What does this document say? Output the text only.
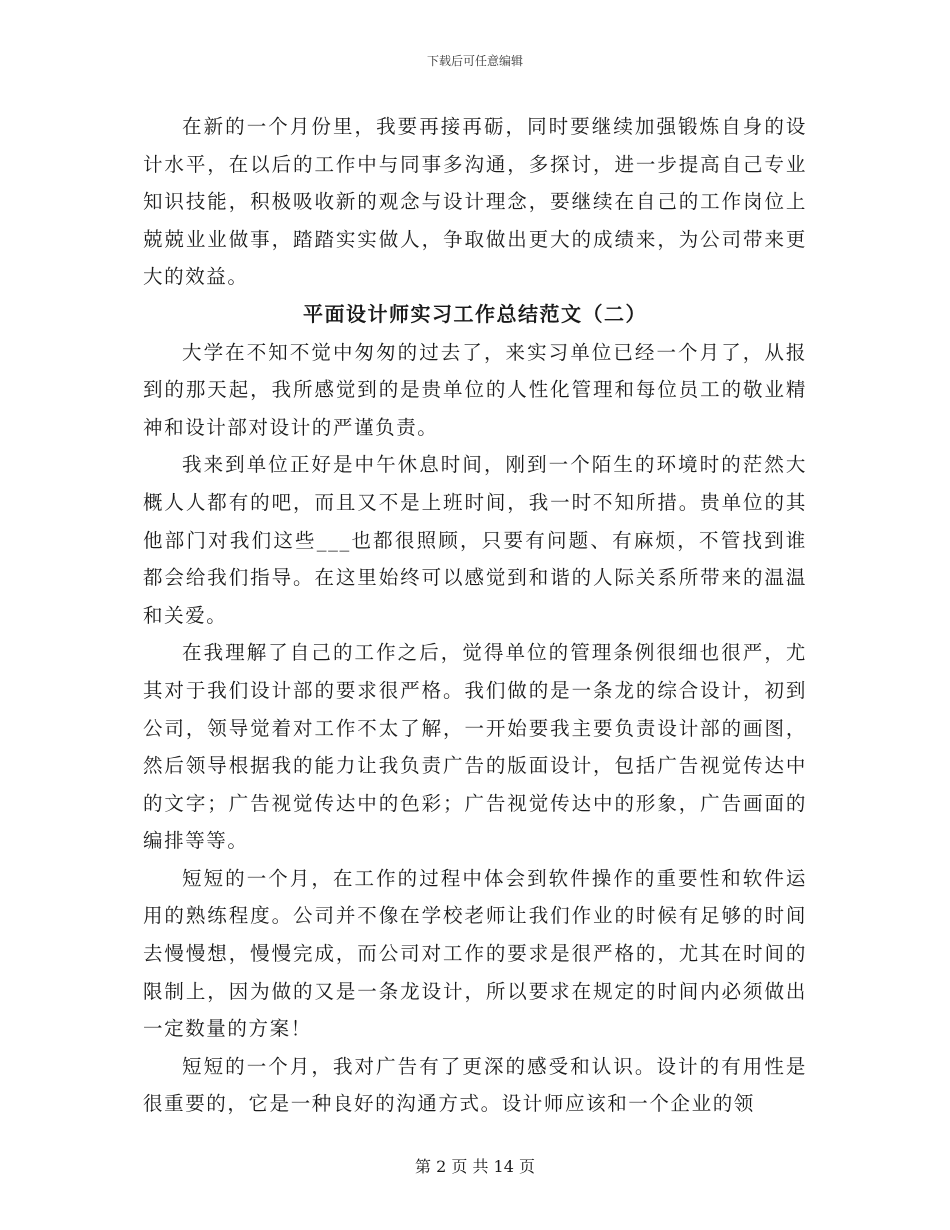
下载后可任意编辑

在新的一个月份里，我要再接再砺，同时要继续加强锻炼自身的设计水平，在以后的工作中与同事多沟通，多探讨，进一步提高自己专业知识技能，积极吸收新的观念与设计理念，要继续在自己的工作岗位上兢兢业业做事，踏踏实实做人，争取做出更大的成绩来，为公司带来更大的效益。

平面设计师实习工作总结范文（二）

大学在不知不觉中匆匆的过去了，来实习单位已经一个月了，从报到的那天起，我所感觉到的是贵单位的人性化管理和每位员工的敬业精神和设计部对设计的严谨负责。

我来到单位正好是中午休息时间，刚到一个陌生的环境时的茫然大概人人都有的吧，而且又不是上班时间，我一时不知所措。贵单位的其他部门对我们这些___也都很照顾，只要有问题、有麻烦，不管找到谁都会给我们指导。在这里始终可以感觉到和谐的人际关系所带来的温温和关爱。

在我理解了自己的工作之后，觉得单位的管理条例很细也很严，尤其对于我们设计部的要求很严格。我们做的是一条龙的综合设计，初到公司，领导觉着对工作不太了解，一开始要我主要负责设计部的画图，然后领导根据我的能力让我负责广告的版面设计，包括广告视觉传达中的文字；广告视觉传达中的色彩；广告视觉传达中的形象，广告画面的编排等等。

短短的一个月，在工作的过程中体会到软件操作的重要性和软件运用的熟练程度。公司并不像在学校老师让我们作业的时候有足够的时间去慢慢想，慢慢完成，而公司对工作的要求是很严格的，尤其在时间的限制上，因为做的又是一条龙设计，所以要求在规定的时间内必须做出一定数量的方案！

短短的一个月，我对广告有了更深的感受和认识。设计的有用性是很重要的，它是一种良好的沟通方式。设计师应该和一个企业的领

第 2 页 共 14 页
